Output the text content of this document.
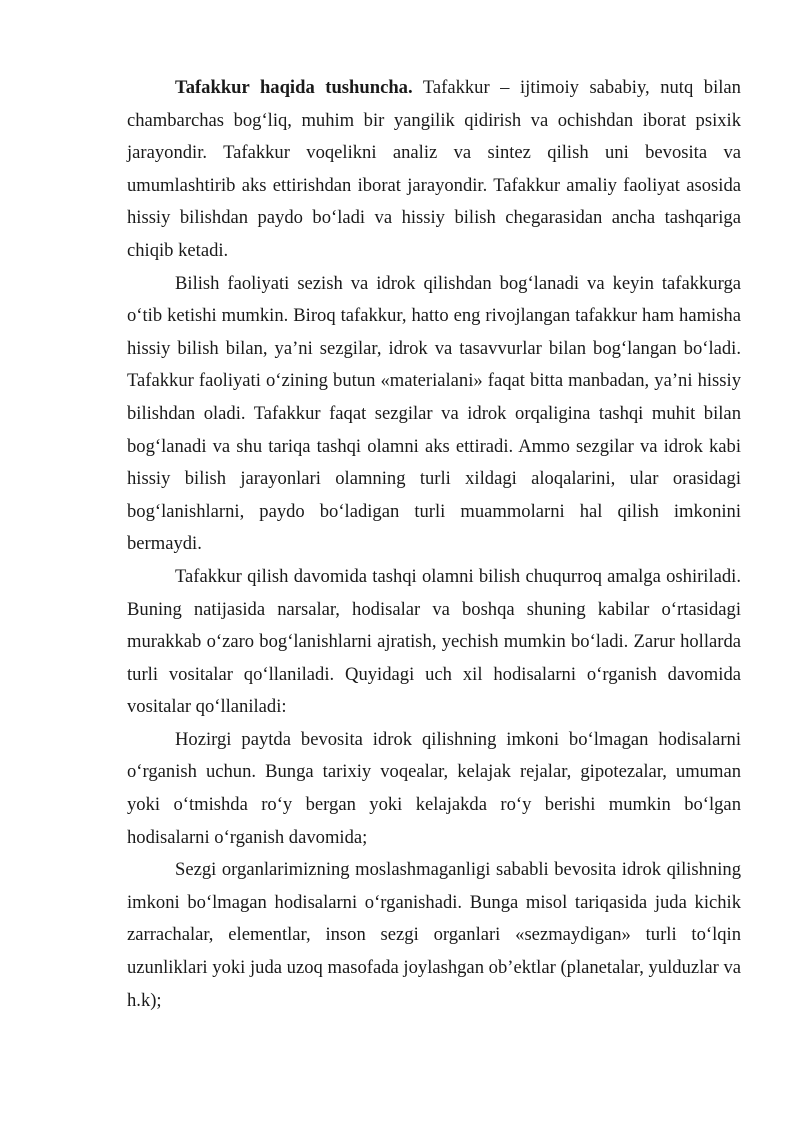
Tafakkur haqida tushuncha. Tafakkur – ijtimoiy sababiy, nutq bilan chambarchas bog‘liq, muhim bir yangilik qidirish va ochishdan iborat psixik jarayondir. Tafakkur voqelikni analiz va sintez qilish uni bevosita va umumlashtirib aks ettirishdan iborat jarayondir. Tafakkur amaliy faoliyat asosida hissiy bilishdan paydo bo‘ladi va hissiy bilish chegarasidan ancha tashqariga chiqib ketadi.

Bilish faoliyati sezish va idrok qilishdan bog‘lanadi va keyin tafakkurga o‘tib ketishi mumkin. Biroq tafakkur, hatto eng rivojlangan tafakkur ham hamisha hissiy bilish bilan, ya’ni sezgilar, idrok va tasavvurlar bilan bog‘langan bo‘ladi. Tafakkur faoliyati o‘zining butun «materialani» faqat bitta manbadan, ya’ni hissiy bilishdan oladi. Tafakkur faqat sezgilar va idrok orqaligina tashqi muhit bilan bog‘lanadi va shu tariqa tashqi olamni aks ettiradi. Ammo sezgilar va idrok kabi hissiy bilish jarayonlari olamning turli xildagi aloqalarini, ular orasidagi bog‘lanishlarni, paydo bo‘ladigan turli muammolarni hal qilish imkonini bermaydi.

Tafakkur qilish davomida tashqi olamni bilish chuqurroq amalga oshiriladi. Buning natijasida narsalar, hodisalar va boshqa shuning kabilar o‘rtasidagi murakkab o‘zaro bog‘lanishlarni ajratish, yechish mumkin bo‘ladi. Zarur hollarda turli vositalar qo‘llaniladi. Quyidagi uch xil hodisalarni o‘rganish davomida vositalar qo‘llaniladi:

Hozirgi paytda bevosita idrok qilishning imkoni bo‘lmagan hodisalarni o‘rganish uchun. Bunga tarixiy voqealar, kelajak rejalar, gipotezalar, umuman yoki o‘tmishda ro‘y bergan yoki kelajakda ro‘y berishi mumkin bo‘lgan hodisalarni o‘rganish davomida;

Sezgi organlarimizning moslashmaganligi sababli bevosita idrok qilishning imkoni bo‘lmagan hodisalarni o‘rganishadi. Bunga misol tariqasida juda kichik zarrachalar, elementlar, inson sezgi organlari «sezmaydigan» turli to‘lqin uzunliklari yoki juda uzoq masofada joylashgan ob’ektlar (planetalar, yulduzlar va h.k);
